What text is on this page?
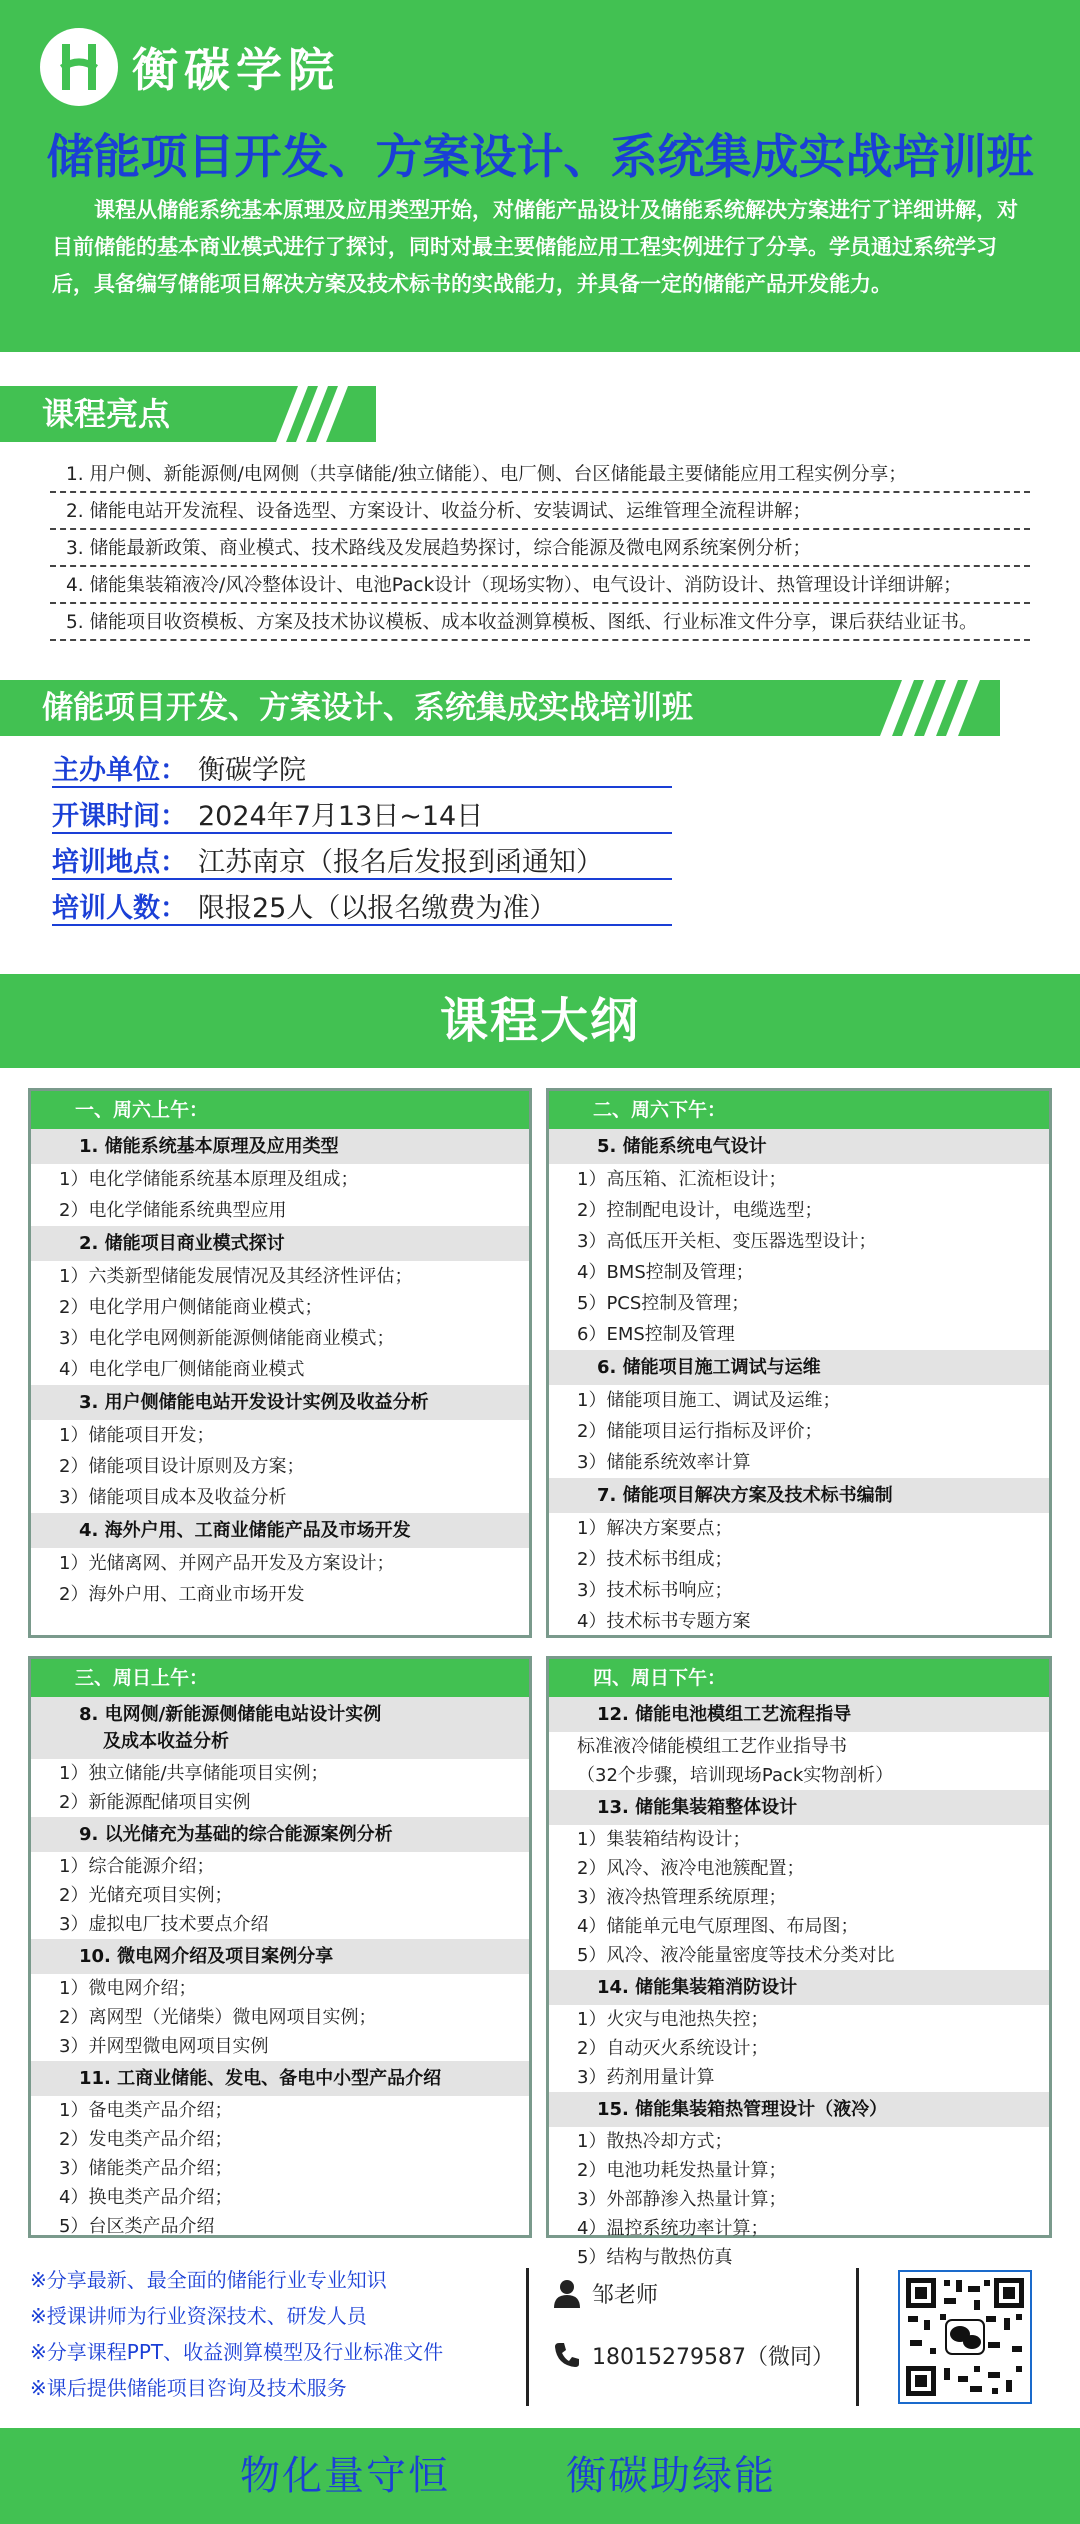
衡碳学院
储能项目开发、方案设计、系统集成实战培训班
课程从储能系统基本原理及应用类型开始，对储能产品设计及储能系统解决方案进行了详细讲解，对目前储能的基本商业模式进行了探讨，同时对最主要储能应用工程实例进行了分享。学员通过系统学习后，具备编写储能项目解决方案及技术标书的实战能力，并具备一定的储能产品开发能力。
课程亮点
1. 用户侧、新能源侧/电网侧（共享储能/独立储能）、电厂侧、台区储能最主要储能应用工程实例分享；
2. 储能电站开发流程、设备选型、方案设计、收益分析、安装调试、运维管理全流程讲解；
3. 储能最新政策、商业模式、技术路线及发展趋势探讨，综合能源及微电网系统案例分析；
4. 储能集装箱液冷/风冷整体设计、电池Pack设计（现场实物）、电气设计、消防设计、热管理设计详细讲解；
5. 储能项目收资模板、方案及技术协议模板、成本收益测算模板、图纸、行业标准文件分享，课后获结业证书。
储能项目开发、方案设计、系统集成实战培训班
主办单位： 衡碳学院
开课时间： 2024年7月13日~14日
培训地点： 江苏南京（报名后发报到函通知）
培训人数： 限报25人（以报名缴费为准）
课程大纲
一、周六上午：
1. 储能系统基本原理及应用类型
1）电化学储能系统基本原理及组成；
2）电化学储能系统典型应用
2. 储能项目商业模式探讨
1）六类新型储能发展情况及其经济性评估；
2）电化学用户侧储能商业模式；
3）电化学电网侧新能源侧储能商业模式；
4）电化学电厂侧储能商业模式
3. 用户侧储能电站开发设计实例及收益分析
1）储能项目开发；
2）储能项目设计原则及方案；
3）储能项目成本及收益分析
4. 海外户用、工商业储能产品及市场开发
1）光储离网、并网产品开发及方案设计；
2）海外户用、工商业市场开发
二、周六下午：
5. 储能系统电气设计
1）高压箱、汇流柜设计；
2）控制配电设计，电缆选型；
3）高低压开关柜、变压器选型设计；
4）BMS控制及管理；
5）PCS控制及管理；
6）EMS控制及管理
6. 储能项目施工调试与运维
1）储能项目施工、调试及运维；
2）储能项目运行指标及评价；
3）储能系统效率计算
7. 储能项目解决方案及技术标书编制
1）解决方案要点；
2）技术标书组成；
3）技术标书响应；
4）技术标书专题方案
三、周日上午：
8. 电网侧/新能源侧储能电站设计实例
及成本收益分析
1）独立储能/共享储能项目实例；
2）新能源配储项目实例
9. 以光储充为基础的综合能源案例分析
1）综合能源介绍；
2）光储充项目实例；
3）虚拟电厂技术要点介绍
10. 微电网介绍及项目案例分享
1）微电网介绍；
2）离网型（光储柴）微电网项目实例；
3）并网型微电网项目实例
11. 工商业储能、发电、备电中小型产品介绍
1）备电类产品介绍；
2）发电类产品介绍；
3）储能类产品介绍；
4）换电类产品介绍；
5）台区类产品介绍
四、周日下午：
12. 储能电池模组工艺流程指导
标准液冷储能模组工艺作业指导书
（32个步骤，培训现场Pack实物剖析）
13. 储能集装箱整体设计
1）集装箱结构设计；
2）风冷、液冷电池簇配置；
3）液冷热管理系统原理；
4）储能单元电气原理图、布局图；
5）风冷、液冷能量密度等技术分类对比
14. 储能集装箱消防设计
1）火灾与电池热失控；
2）自动灭火系统设计；
3）药剂用量计算
15. 储能集装箱热管理设计（液冷）
1）散热冷却方式；
2）电池功耗发热量计算；
3）外部静渗入热量计算；
4）温控系统功率计算；
5）结构与散热仿真
※分享最新、最全面的储能行业专业知识
※授课讲师为行业资深技术、研发人员
※分享课程PPT、收益测算模型及行业标准文件
※课后提供储能项目咨询及技术服务
邹老师
18015279587（微同）
物化量守恒	衡碳助绿能
